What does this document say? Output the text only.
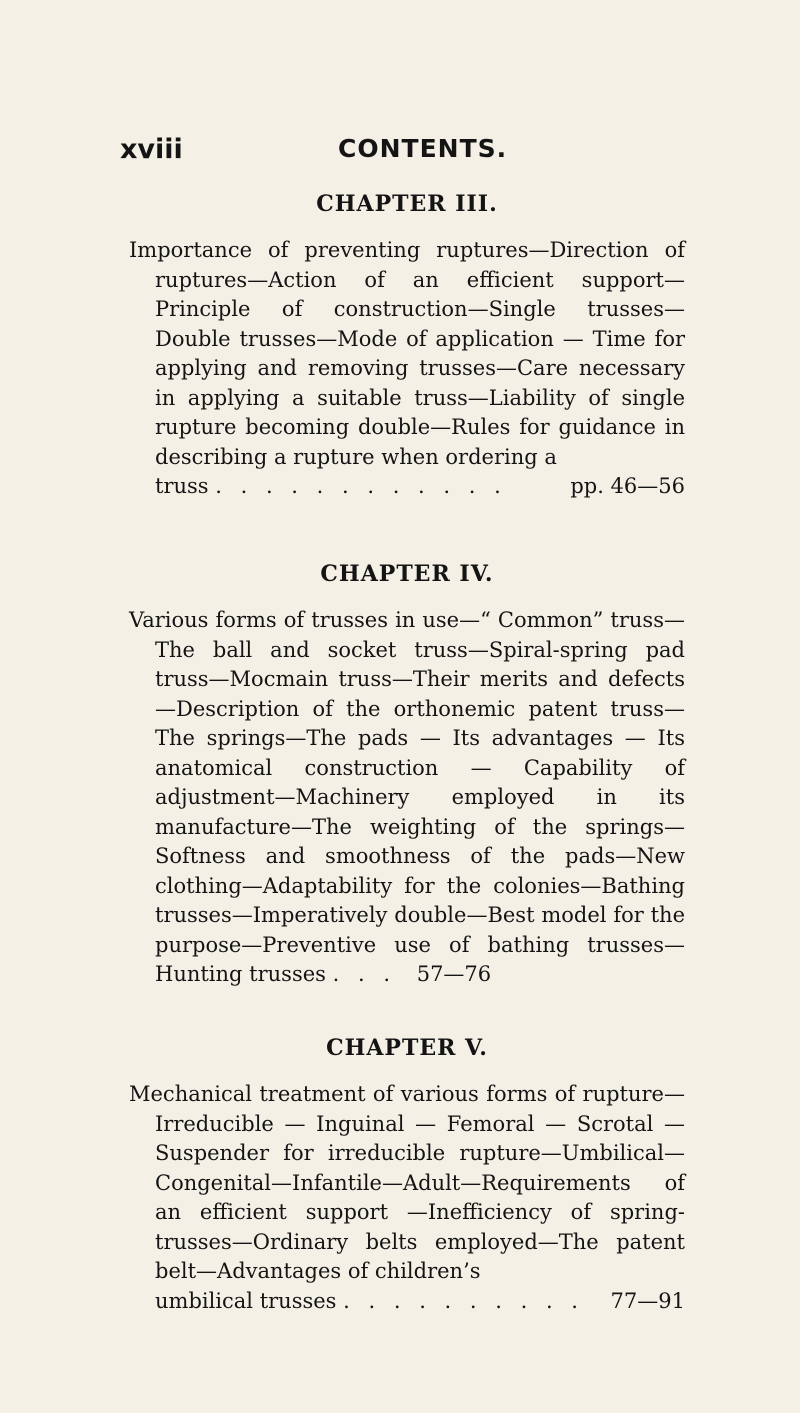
xviii	CONTENTS.
CHAPTER III.

Importance of preventing ruptures—Direction of ruptures—Action of an efficient support—Principle of construction—Single trusses—Double trusses—Mode of application — Time for applying and removing trusses—Care necessary in applying a suitable truss—Liability of single rupture becoming double—Rules for guidance in describing a rupture when ordering a
pp. 46—56
truss . . . . . . . . . . . .

CHAPTER IV.

Various forms of trusses in use—“ Common” truss—The ball and socket truss—Spiral-spring pad truss—Mocmain truss—Their merits and defects—Description of the orthonemic patent truss—The springs—The pads — Its advantages — Its anatomical construction — Capability of adjustment—Machinery employed in its manufacture—The weighting of the springs—Softness and smoothness of the pads—New clothing—Adaptability for the colonies—Bathing trusses—Imperatively double—Best model for the purpose—Preventive use of bathing trusses—Hunting trusses . . . 57—76

CHAPTER V.

Mechanical treatment of various forms of rupture—Irreducible — Inguinal — Femoral — Scrotal — Suspender for irreducible rupture—Umbilical—Congenital—Infantile—Adult—Requirements of an efficient support —Inefficiency of spring-trusses—Ordinary belts employed—The patent belt—Advantages of children’s
77—91
umbilical trusses . . . . . . . . . .
